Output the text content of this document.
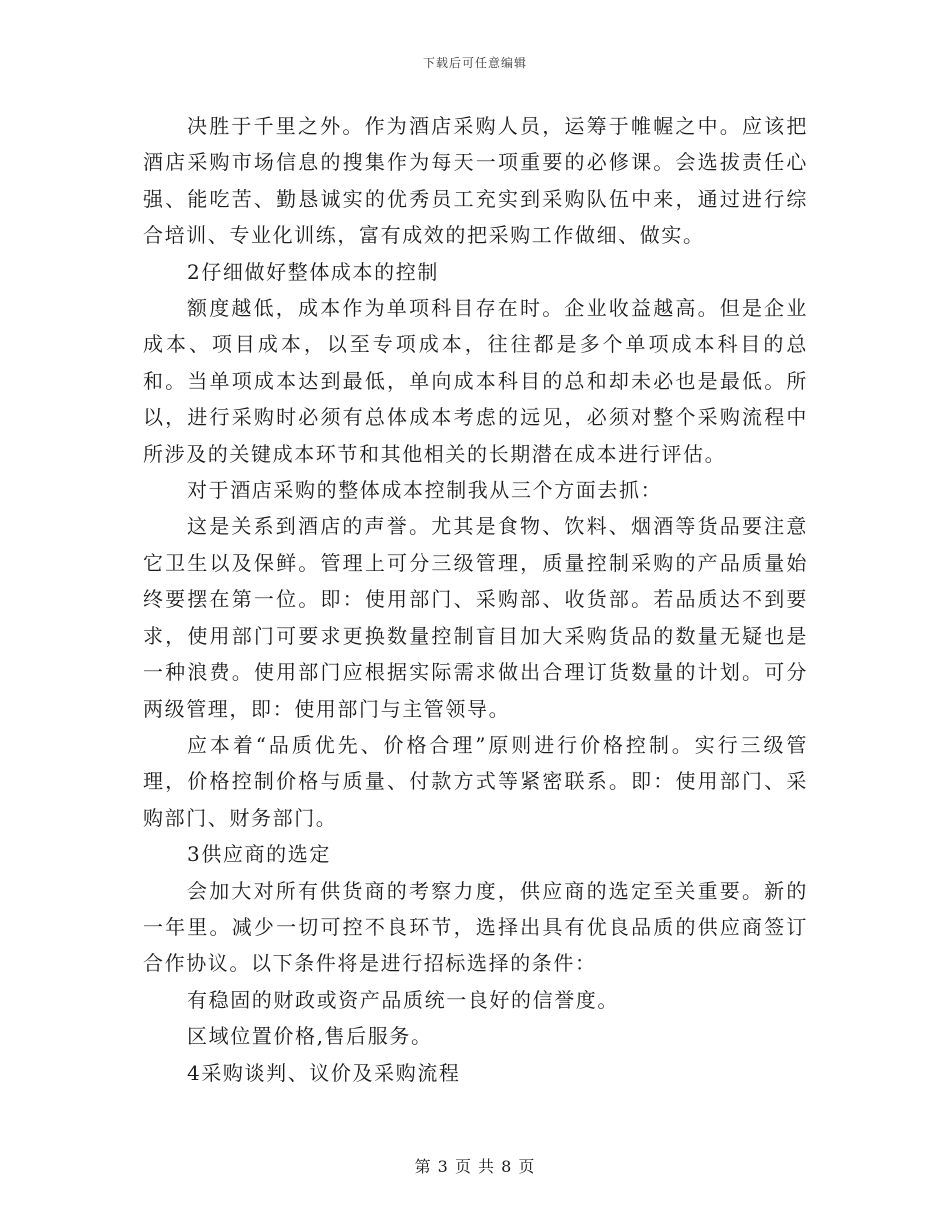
下载后可任意编辑

决胜于千里之外。作为酒店采购人员，运筹于帷幄之中。应该把酒店采购市场信息的搜集作为每天一项重要的必修课。会选拔责任心强、能吃苦、勤恳诚实的优秀员工充实到采购队伍中来，通过进行综合培训、专业化训练，富有成效的把采购工作做细、做实。

2仔细做好整体成本的控制

额度越低，成本作为单项科目存在时。企业收益越高。但是企业成本、项目成本，以至专项成本，往往都是多个单项成本科目的总和。当单项成本达到最低，单向成本科目的总和却未必也是最低。所以，进行采购时必须有总体成本考虑的远见，必须对整个采购流程中所涉及的关键成本环节和其他相关的长期潜在成本进行评估。

对于酒店采购的整体成本控制我从三个方面去抓：

这是关系到酒店的声誉。尤其是食物、饮料、烟酒等货品要注意它卫生以及保鲜。管理上可分三级管理，质量控制采购的产品质量始终要摆在第一位。即：使用部门、采购部、收货部。若品质达不到要求，使用部门可要求更换数量控制盲目加大采购货品的数量无疑也是一种浪费。使用部门应根据实际需求做出合理订货数量的计划。可分两级管理，即：使用部门与主管领导。

应本着“品质优先、价格合理”原则进行价格控制。实行三级管理，价格控制价格与质量、付款方式等紧密联系。即：使用部门、采购部门、财务部门。

3供应商的选定

会加大对所有供货商的考察力度，供应商的选定至关重要。新的一年里。减少一切可控不良环节，选择出具有优良品质的供应商签订合作协议。以下条件将是进行招标选择的条件：

有稳固的财政或资产品质统一良好的信誉度。

区域位置价格,售后服务。

4采购谈判、议价及采购流程

第 3 页 共 8 页
